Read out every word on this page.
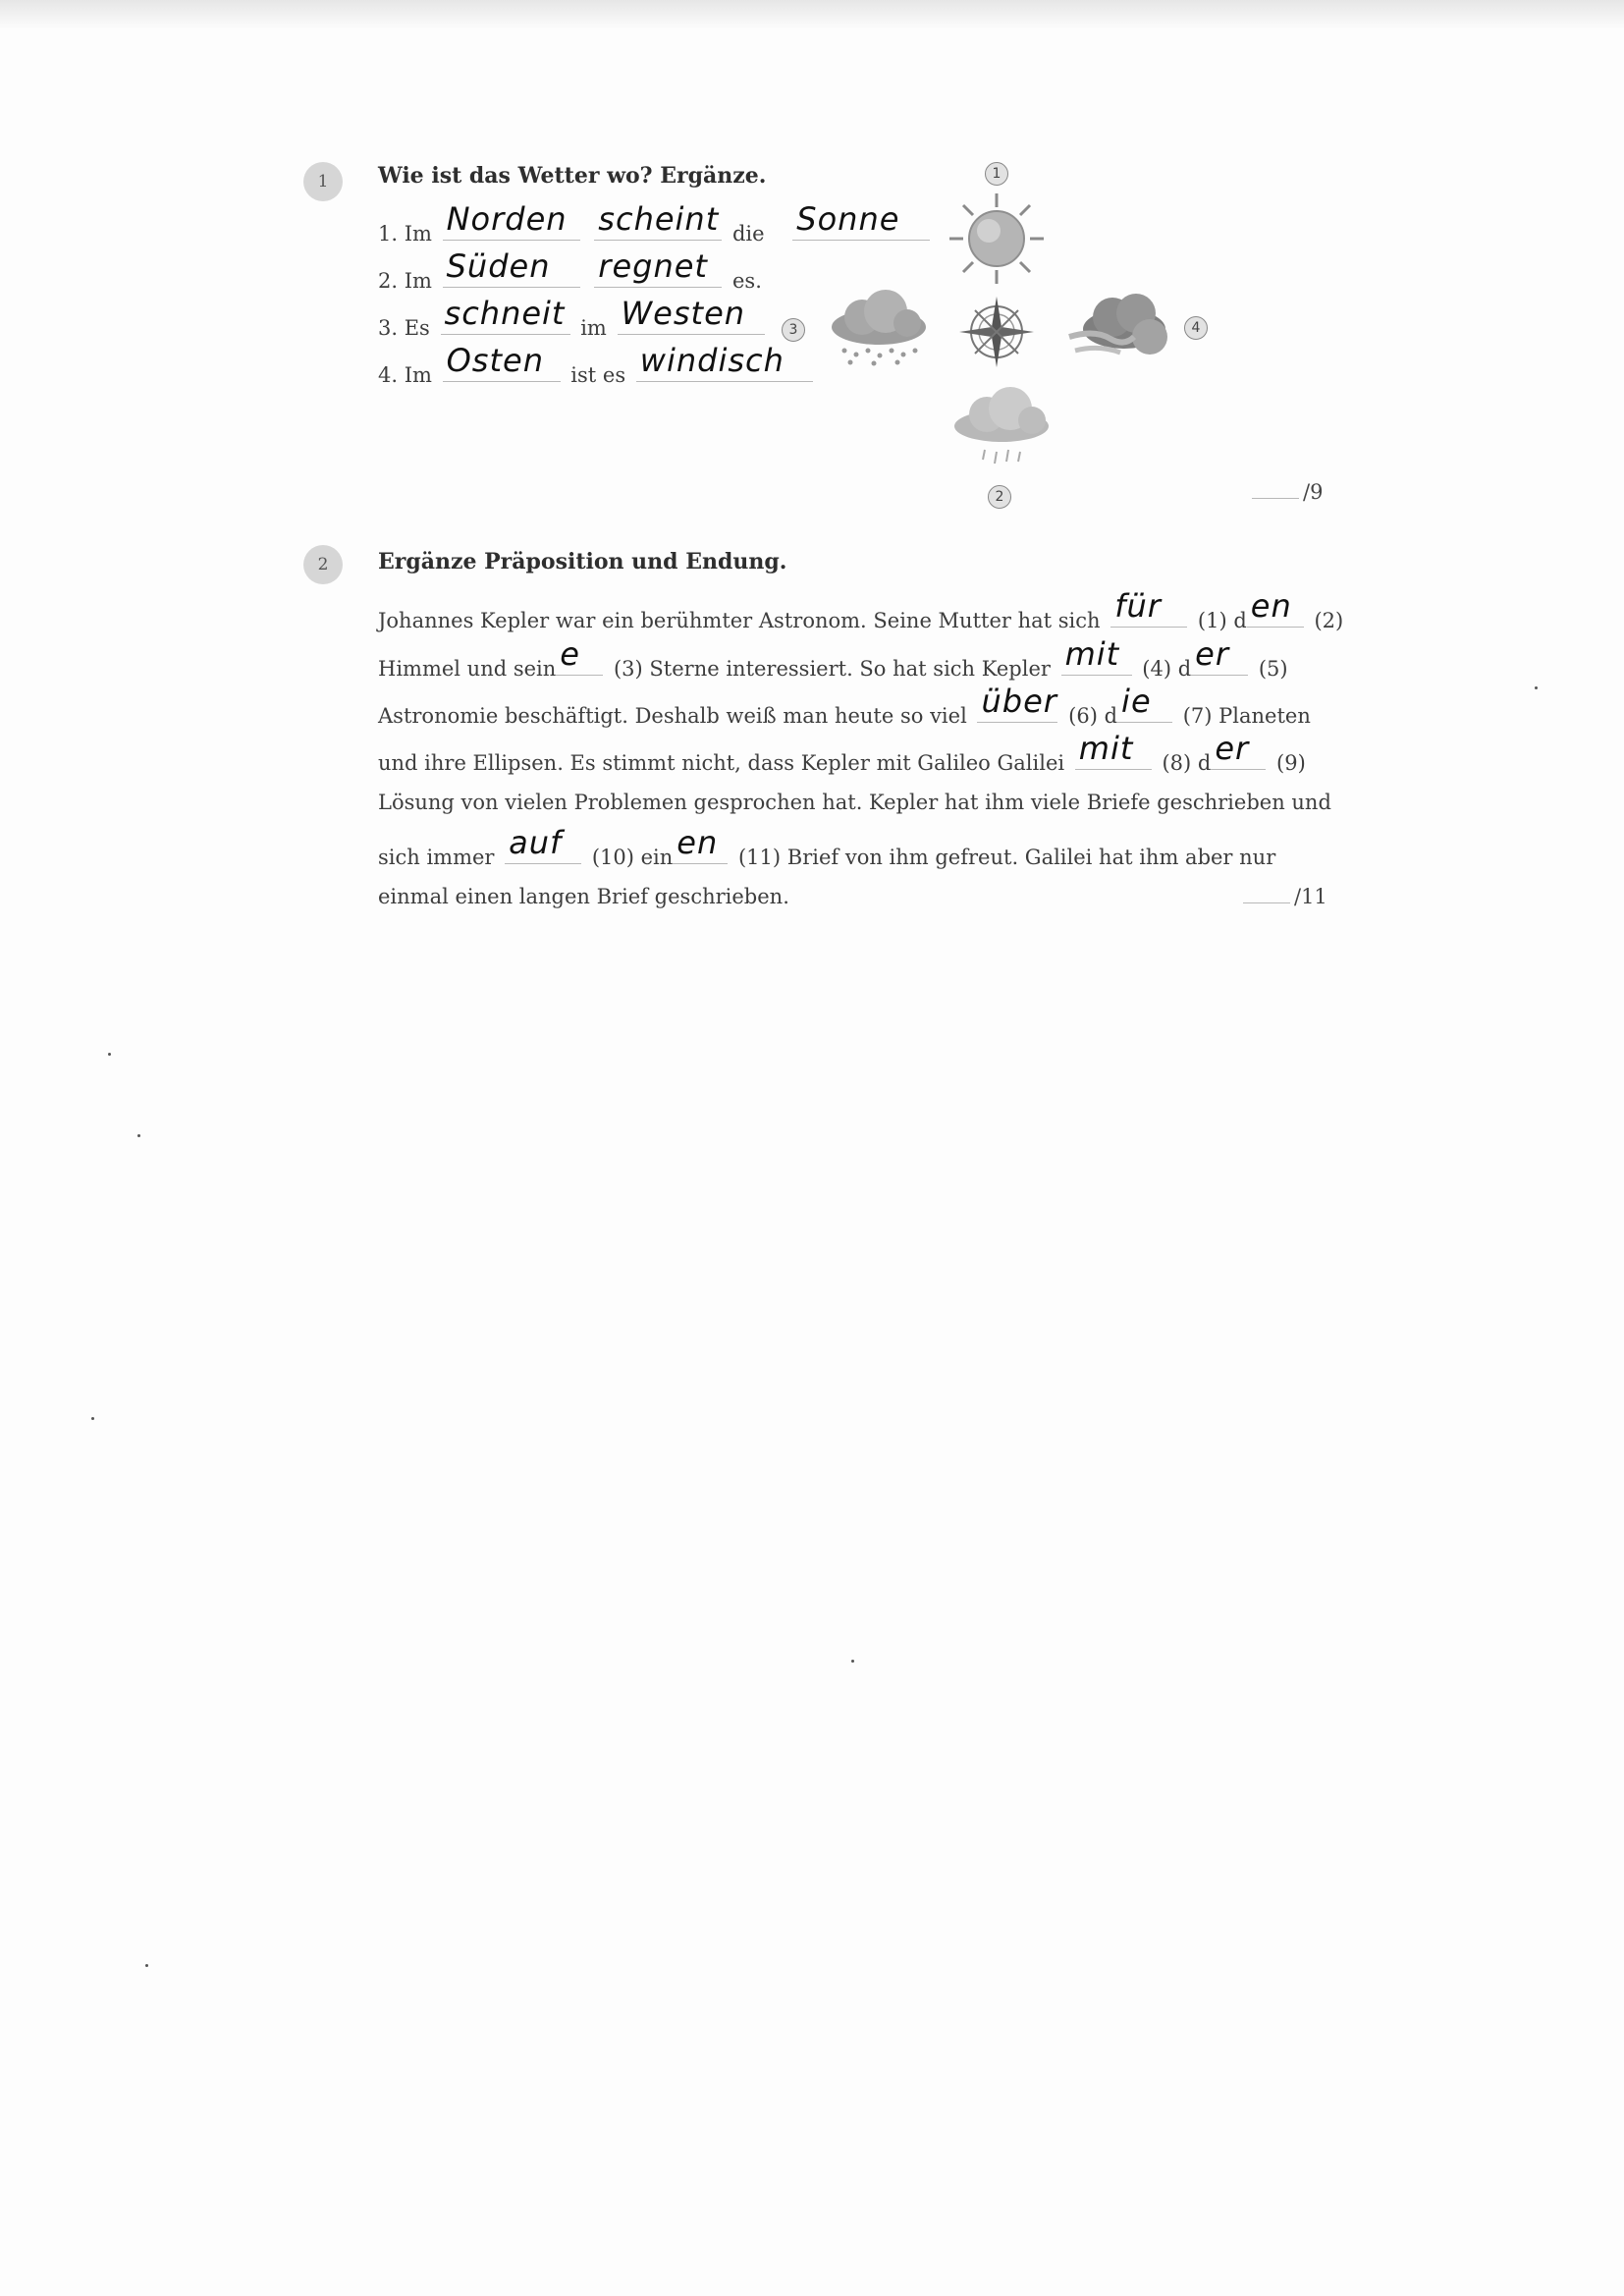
1	Wie ist das Wetter wo? Ergänze.
1. Im Norden
scheint die Sonne
2. Im Süden
regnet es.
3. Es schneit im Westen
4. Im Osten ist es windisch
1
3	4
2	/9
2	Ergänze Präposition und Endung.
Johannes Kepler war ein berühmter Astronom. Seine Mutter hat sich für (1) d en (2)
Himmel und sein e (3) Sterne interessiert. So hat sich Kepler mit (4) d er (5)
Astronomie beschäftigt. Deshalb weiß man heute so viel über (6) d ie (7) Planeten
und ihre Ellipsen. Es stimmt nicht, dass Kepler mit Galileo Galilei mit (8) d er (9)
Lösung von vielen Problemen gesprochen hat. Kepler hat ihm viele Briefe geschrieben und
sich immer auf (10) ein en (11) Brief von ihm gefreut. Galilei hat ihm aber nur
einmal einen langen Brief geschrieben.	/11
